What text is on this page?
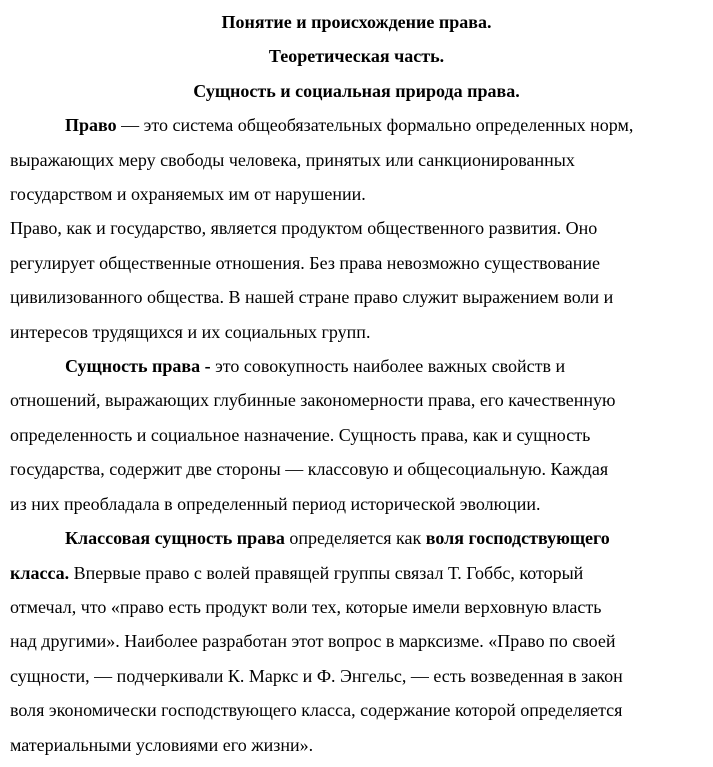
Понятие и происхождение права.
Теоретическая часть.
Сущность и социальная природа права.
Право — это система общеобязательных формально определенных норм,
выражающих меру свободы человека, принятых или санкционированных
государством и охраняемых им от нарушении.
Право, как и государство, является продуктом общественного развития. Оно
регулирует общественные отношения. Без права невозможно существование
цивилизованного общества. В нашей стране право служит выражением воли и
интересов трудящихся и их социальных групп.
Сущность права - это совокупность наиболее важных свойств и
отношений, выражающих глубинные закономерности права, его качественную
определенность и социальное назначение. Сущность права, как и сущность
государства, содержит две стороны — классовую и общесоциальную. Каждая
из них преобладала в определенный период исторической эволюции.
Классовая сущность права определяется как воля господствующего
класса. Впервые право с волей правящей группы связал Т. Гоббс, который
отмечал, что «право есть продукт воли тех, которые имели верховную власть
над другими». Наиболее разработан этот вопрос в марксизме. «Право по своей
сущности, — подчеркивали К. Маркс и Ф. Энгельс, — есть возведенная в закон
воля экономически господствующего класса, содержание которой определяется
материальными условиями его жизни».
